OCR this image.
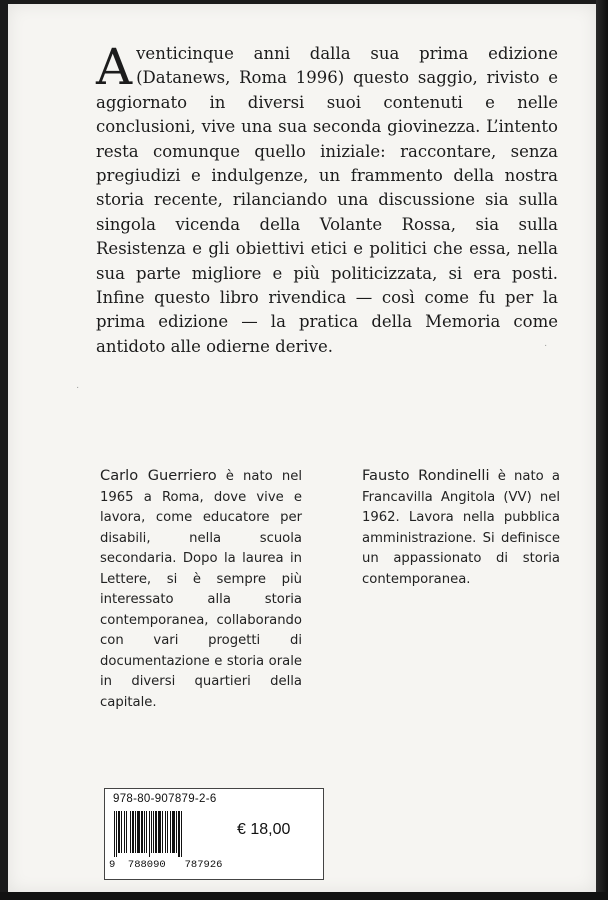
Aventicinque anni dalla sua prima edizione (Datanews, Roma 1996) questo saggio, rivisto e aggiornato in diversi suoi contenuti e nelle conclusioni, vive una sua seconda giovinezza. L’intento resta comunque quello iniziale: raccontare, senza pregiudizi e indulgenze, un frammento della nostra storia recente, rilanciando una discussione sia sulla singola vicenda della Volante Rossa, sia sulla Resistenza e gli obiettivi etici e politici che essa, nella sua parte migliore e più politicizzata, si era posti. Infine questo libro rivendica — così come fu per la prima edizione — la pratica della Memoria come antidoto alle odierne derive.

Carlo Guerriero è nato nel 1965 a Roma, dove vive e lavora, come educatore per disabili, nella scuola secondaria. Dopo la laurea in Lettere, si è sempre più interessato alla storia contemporanea, collaborando con vari progetti di documentazione e storia orale in diversi quartieri della capitale.

Fausto Rondinelli è nato a Francavilla Angitola (VV) nel 1962. Lavora nella pubblica amministrazione. Si definisce un appassionato di storia contemporanea.

978-80-907879-2-6
9  788090   787926
€ 18,00
·
·
